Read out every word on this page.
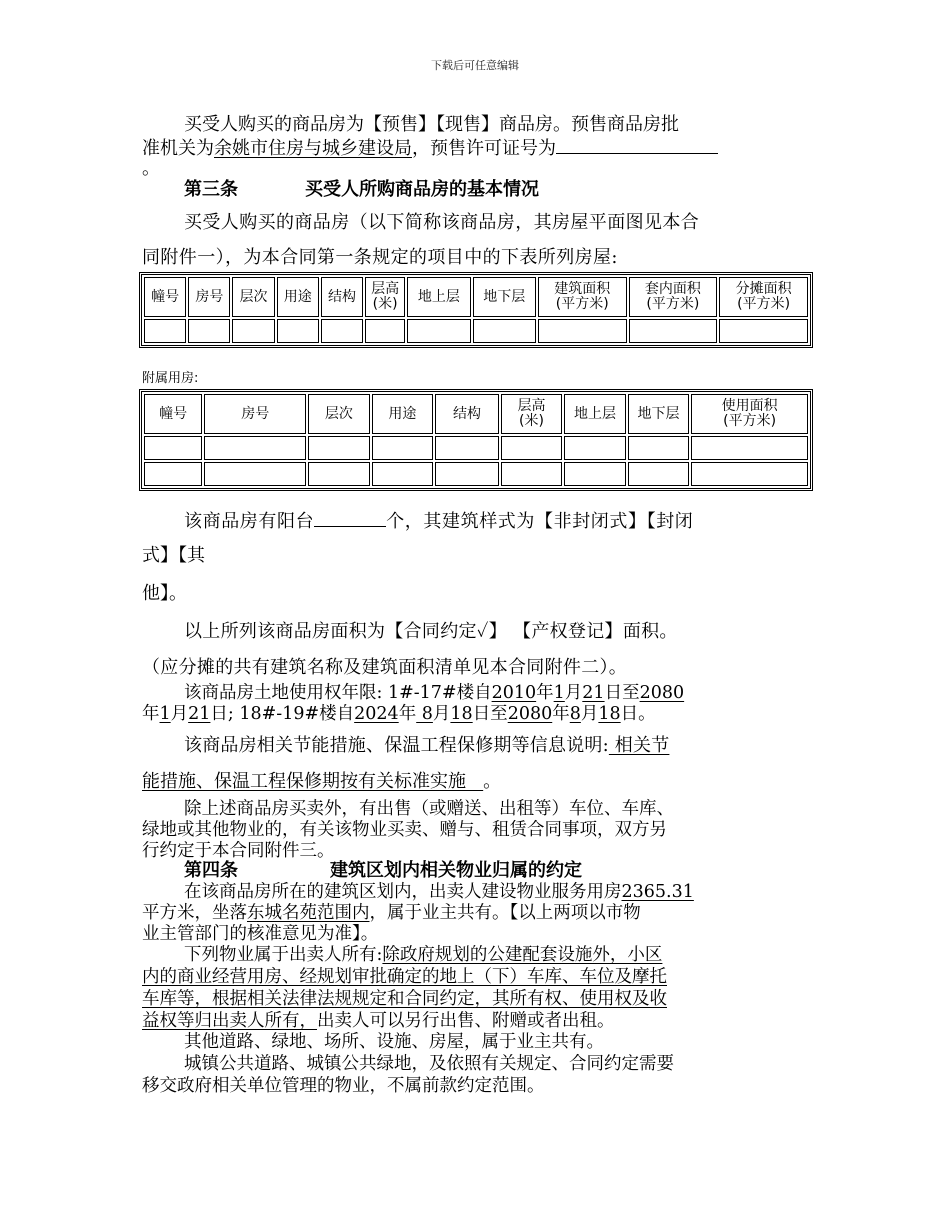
下载后可任意编辑
买受人购买的商品房为【预售】【现售】商品房。预售商品房批
准机关为余姚市住房与城乡建设局，预售许可证号为
。
第三条	买受人所购商品房的基本情况
买受人购买的商品房（以下简称该商品房，其房屋平面图见本合
同附件一），为本合同第一条规定的项目中的下表所列房屋:
幢号	房号	层次	用途	结构	层高
(米)	地上层	地下层	建筑面积
(平方米)	套内面积
(平方米)	分摊面积
(平方米)

附属用房:
幢号	房号	层次	用途	结构	层高
(米)	地上层	地下层	使用面积
(平方米)

该商品房有阳台	个，其建筑样式为【非封闭式】【封闭
式】【其
他】。
以上所列该商品房面积为【合同约定✓】 【产权登记】面积。
（应分摊的共有建筑名称及建筑面积清单见本合同附件二）。
该商品房土地使用权年限: 1#-17#楼自2010年1月21日至2080
年1月21日; 18#-19#楼自2024年 8月18日至2080年8月18日。
该商品房相关节能措施、保温工程保修期等信息说明: 相关节
能措施、保温工程保修期按有关标准实施   。
除上述商品房买卖外，有出售（或赠送、出租等）车位、车库、
绿地或其他物业的，有关该物业买卖、赠与、租赁合同事项，双方另
行约定于本合同附件三。
第四条	建筑区划内相关物业归属的约定
在该商品房所在的建筑区划内，出卖人建设物业服务用房2365.31
平方米，坐落东城名苑范围内，属于业主共有。【以上两项以市物
业主管部门的核准意见为准】。
下列物业属于出卖人所有:除政府规划的公建配套设施外，小区
内的商业经营用房、经规划审批确定的地上（下）车库、车位及摩托
车库等，根据相关法律法规规定和合同约定，其所有权、使用权及收
益权等归出卖人所有，出卖人可以另行出售、附赠或者出租。
其他道路、绿地、场所、设施、房屋，属于业主共有。
城镇公共道路、城镇公共绿地，及依照有关规定、合同约定需要
移交政府相关单位管理的物业，不属前款约定范围。
